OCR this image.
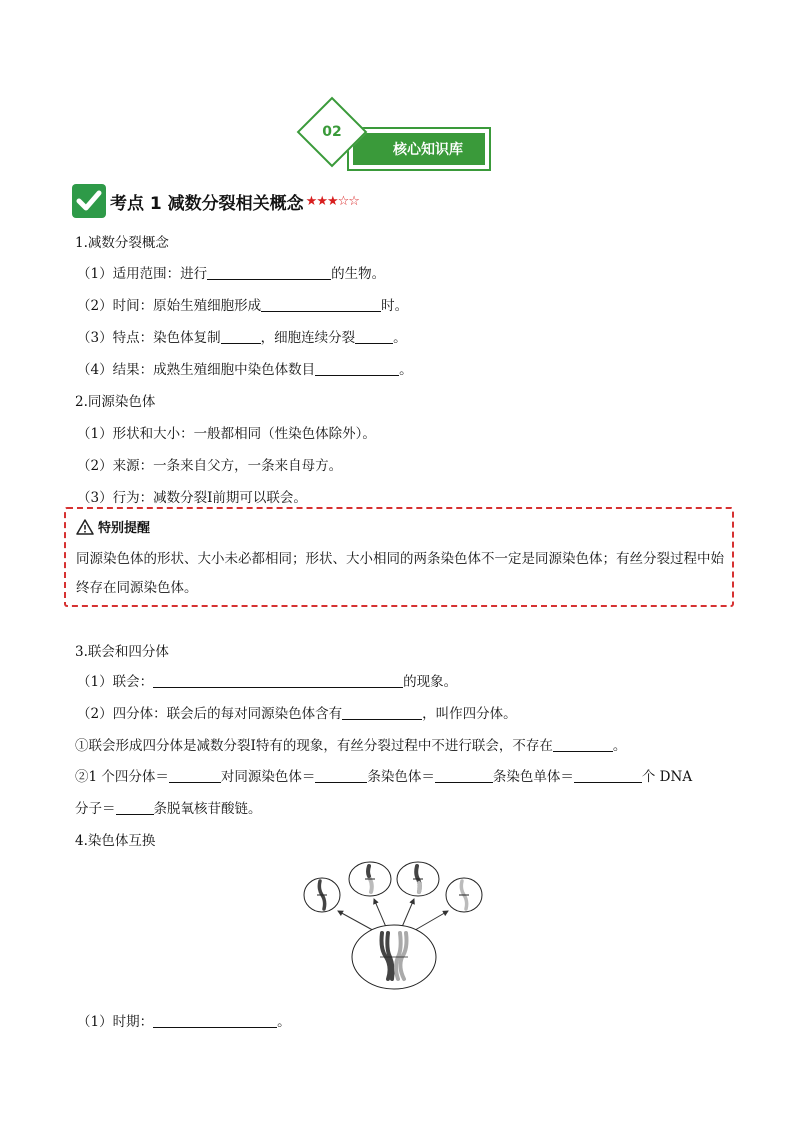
核心知识库
02
考点 1 减数分裂相关概念 ★★★☆☆
1.减数分裂概念
（1）适用范围：进行	的生物。
（2）时间：原始生殖细胞形成	时。
（3）特点：染色体复制	，细胞连续分裂	。
（4）结果：成熟生殖细胞中染色体数目	。
2.同源染色体
（1）形状和大小：一般都相同（性染色体除外）。
（2）来源：一条来自父方，一条来自母方。
（3）行为：减数分裂Ⅰ前期可以联会。
特别提醒
同源染色体的形状、大小未必都相同；形状、大小相同的两条染色体不一定是同源染色体；有丝分裂过程中始终存在同源染色体。
3.联会和四分体
（1）联会：	的现象。
（2）四分体：联会后的每对同源染色体含有	，叫作四分体。
①联会形成四分体是减数分裂Ⅰ特有的现象，有丝分裂过程中不进行联会，不存在	。
②1 个四分体＝	对同源染色体＝	条染色体＝	条染色单体＝	个 DNA
分子＝	条脱氧核苷酸链。
4.染色体互换
（1）时期：	。
